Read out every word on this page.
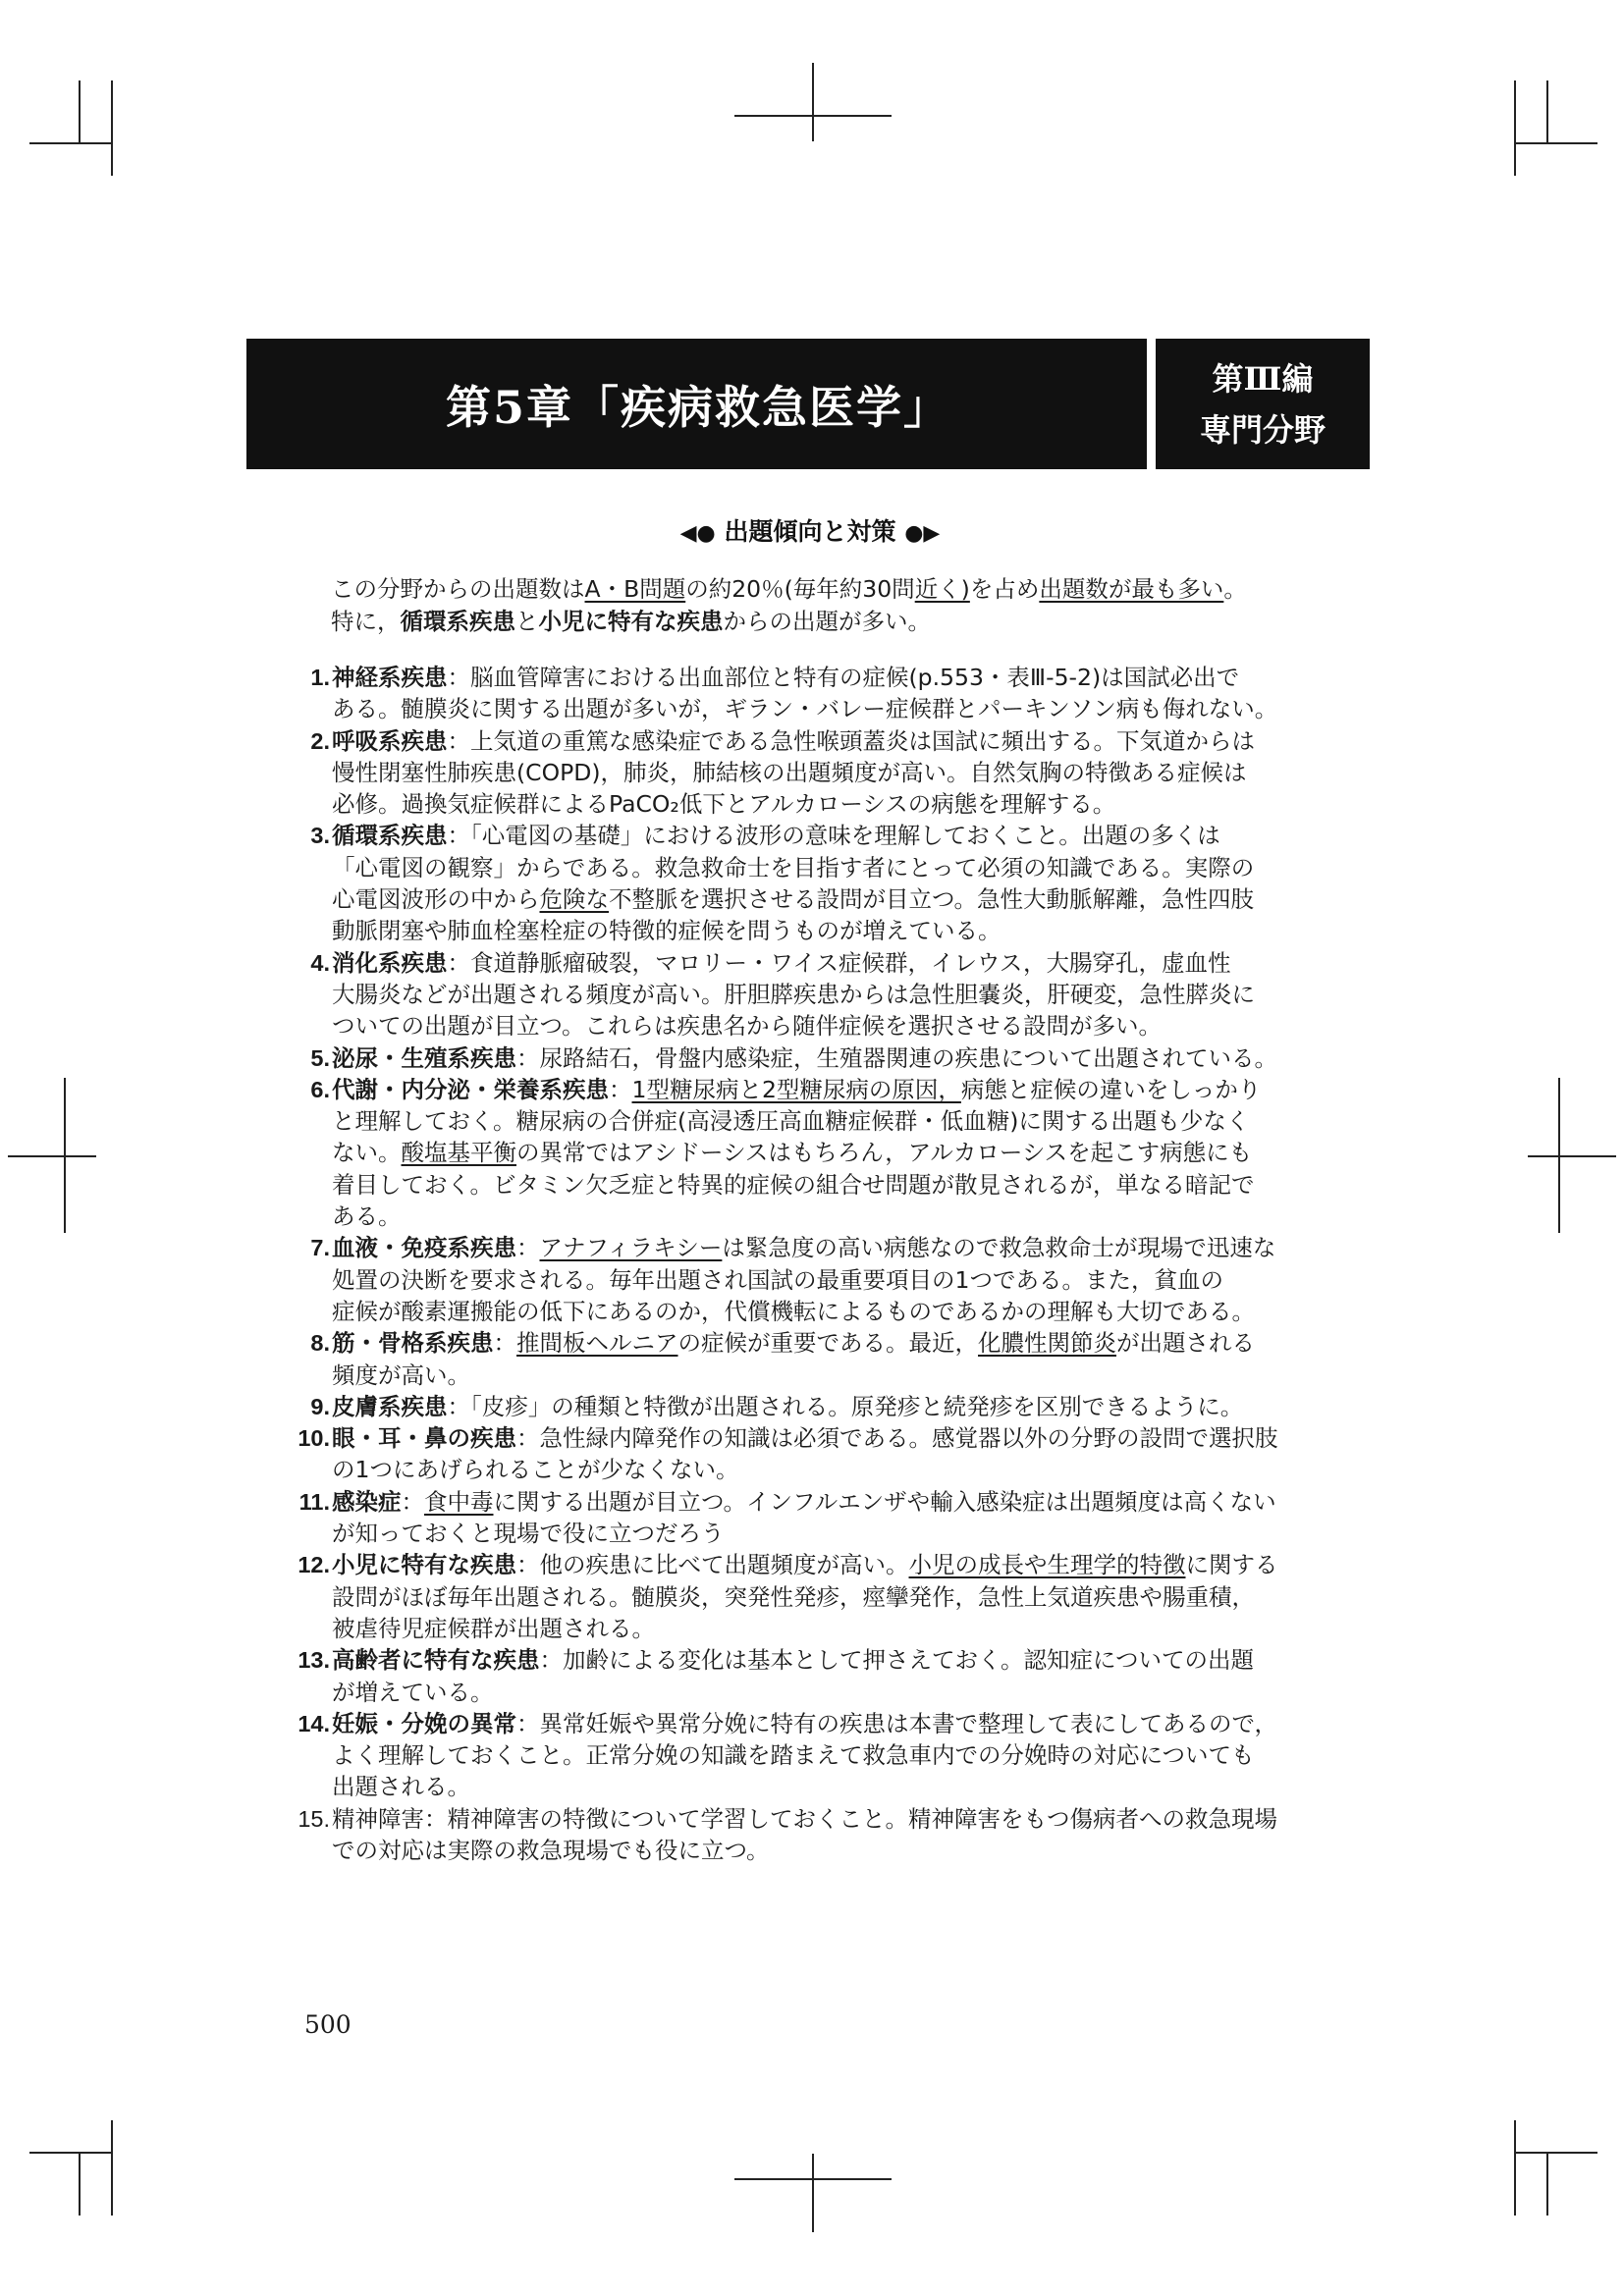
第5章「疾病救急医学」
第Ⅲ編
専門分野
◀● 出題傾向と対策 ●▶
この分野からの出題数はA・B問題の約20％(毎年約30問近く)を占め出題数が最も多い。
特に，循環系疾患と小児に特有な疾患からの出題が多い。
1. 神経系疾患：脳血管障害における出血部位と特有の症候(p.553・表Ⅲ-5-2)は国試必出で
ある。髄膜炎に関する出題が多いが，ギラン・バレー症候群とパーキンソン病も侮れない。
2. 呼吸系疾患：上気道の重篤な感染症である急性喉頭蓋炎は国試に頻出する。下気道からは
慢性閉塞性肺疾患(COPD)，肺炎，肺結核の出題頻度が高い。自然気胸の特徴ある症候は
必修。過換気症候群によるPaCO₂低下とアルカローシスの病態を理解する。
3. 循環系疾患：「心電図の基礎」における波形の意味を理解しておくこと。出題の多くは
「心電図の観察」からである。救急救命士を目指す者にとって必須の知識である。実際の
心電図波形の中から危険な不整脈を選択させる設問が目立つ。急性大動脈解離，急性四肢
動脈閉塞や肺血栓塞栓症の特徴的症候を問うものが増えている。
4. 消化系疾患：食道静脈瘤破裂，マロリー・ワイス症候群，イレウス，大腸穿孔，虚血性
大腸炎などが出題される頻度が高い。肝胆膵疾患からは急性胆嚢炎，肝硬変，急性膵炎に
ついての出題が目立つ。これらは疾患名から随伴症候を選択させる設問が多い。
5. 泌尿・生殖系疾患：尿路結石，骨盤内感染症，生殖器関連の疾患について出題されている。
6. 代謝・内分泌・栄養系疾患：1型糖尿病と2型糖尿病の原因，病態と症候の違いをしっかり
と理解しておく。糖尿病の合併症(高浸透圧高血糖症候群・低血糖)に関する出題も少なく
ない。酸塩基平衡の異常ではアシドーシスはもちろん，アルカローシスを起こす病態にも
着目しておく。ビタミン欠乏症と特異的症候の組合せ問題が散見されるが，単なる暗記で
ある。
7. 血液・免疫系疾患：アナフィラキシーは緊急度の高い病態なので救急救命士が現場で迅速な
処置の決断を要求される。毎年出題され国試の最重要項目の1つである。また，貧血の
症候が酸素運搬能の低下にあるのか，代償機転によるものであるかの理解も大切である。
8. 筋・骨格系疾患：推間板ヘルニアの症候が重要である。最近，化膿性関節炎が出題される
頻度が高い。
9. 皮膚系疾患：「皮疹」の種類と特徴が出題される。原発疹と続発疹を区別できるように。
10. 眼・耳・鼻の疾患：急性緑内障発作の知識は必須である。感覚器以外の分野の設問で選択肢
の1つにあげられることが少なくない。
11. 感染症：食中毒に関する出題が目立つ。インフルエンザや輸入感染症は出題頻度は高くない
が知っておくと現場で役に立つだろう
12. 小児に特有な疾患：他の疾患に比べて出題頻度が高い。小児の成長や生理学的特徴に関する
設問がほぼ毎年出題される。髄膜炎，突発性発疹，痙攣発作，急性上気道疾患や腸重積，
被虐待児症候群が出題される。
13. 高齢者に特有な疾患：加齢による変化は基本として押さえておく。認知症についての出題
が増えている。
14. 妊娠・分娩の異常：異常妊娠や異常分娩に特有の疾患は本書で整理して表にしてあるので，
よく理解しておくこと。正常分娩の知識を踏まえて救急車内での分娩時の対応についても
出題される。
15. 精神障害：精神障害の特徴について学習しておくこと。精神障害をもつ傷病者への救急現場
での対応は実際の救急現場でも役に立つ。
500
